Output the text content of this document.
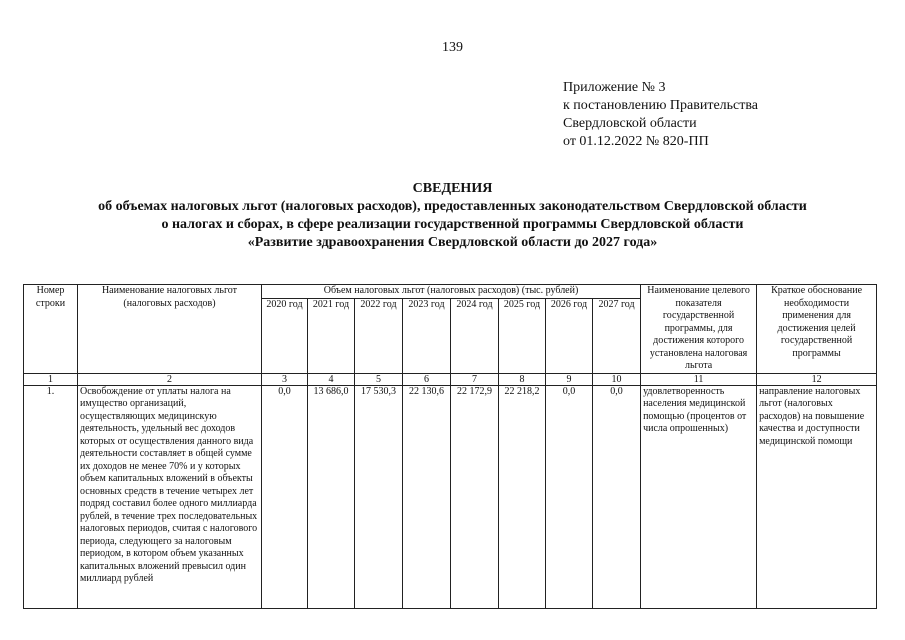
139
Приложение № 3
к постановлению Правительства
Свердловской области
от 01.12.2022 № 820-ПП
СВЕДЕНИЯ
об объемах налоговых льгот (налоговых расходов), предоставленных законодательством Свердловской области
о налогах и сборах, в сфере реализации государственной программы Свердловской области
«Развитие здравоохранения Свердловской области до 2027 года»
Номер строки	Наименование налоговых льгот (налоговых расходов)	Объем налоговых льгот (налоговых расходов) (тыс. рублей)								Наименование целевого показателя государственной программы, для достижения которого установлена налоговая льгота	Краткое обоснование необходимости применения для достижения целей государственной программы
		2020 год	2021 год	2022 год	2023 год	2024 год	2025 год	2026 год	2027 год		
1	2	3	4	5	6	7	8	9	10	11	12
1.	Освобождение от уплаты налога на имущество организаций, осуществляющих медицинскую деятельность, удельный вес доходов которых от осуществления данного вида деятельности составляет в общей сумме их доходов не менее 70% и у которых объем капитальных вложений в объекты основных средств в течение четырех лет подряд составил более одного миллиарда рублей, в течение трех последовательных налоговых периодов, считая с налогового периода, следующего за налоговым периодом, в котором объем указанных капитальных вложений превысил один миллиард рублей	0,0	13 686,0	17 530,3	22 130,6	22 172,9	22 218,2	0,0	0,0	удовлетворенность населения медицинской помощью (процентов от числа опрошенных)	направление налоговых льгот (налоговых расходов) на повышение качества и доступности медицинской помощи
